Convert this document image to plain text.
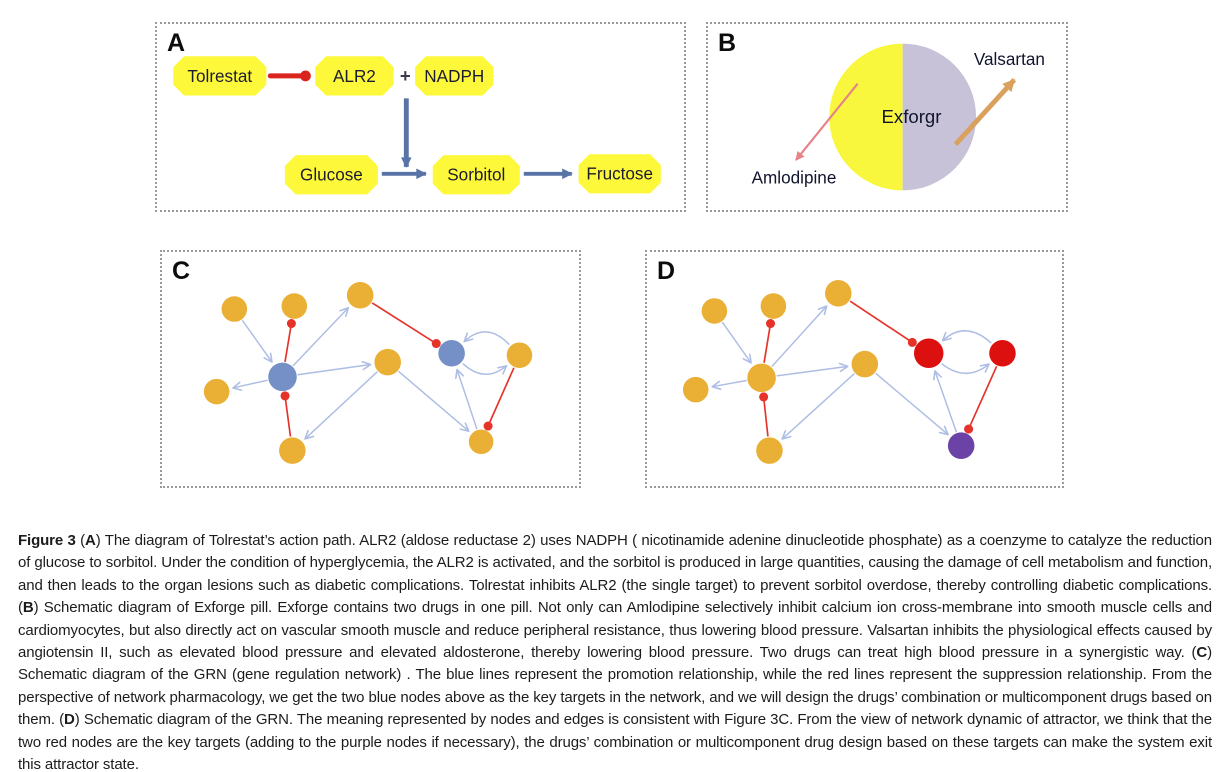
A
Tolrestat	ALR2	NADPH
Glucose	Sorbitol	Fructose
+
B
Exforgr
Amlodipine
Valsartan
C	D

Figure 3 (A) The diagram of Tolrestat’s action path. ALR2 (aldose reductase 2) uses NADPH ( nicotinamide adenine dinucleotide phosphate) as a coenzyme to catalyze the reduction of glucose to sorbitol. Under the condition of hyperglycemia, the ALR2 is activated, and the sorbitol is produced in large quantities, causing the damage of cell metabolism and function, and then leads to the organ lesions such as diabetic complications. Tolrestat inhibits ALR2 (the single target) to prevent sorbitol overdose, thereby controlling diabetic complications. (B) Schematic diagram of Exforge pill. Exforge contains two drugs in one pill. Not only can Amlodipine selectively inhibit calcium ion cross-membrane into smooth muscle cells and cardiomyocytes, but also directly act on vascular smooth muscle and reduce peripheral resistance, thus lowering blood pressure. Valsartan inhibits the physiological effects caused by angiotensin II, such as elevated blood pressure and elevated aldosterone, thereby lowering blood pressure. Two drugs can treat high blood pressure in a synergistic way. (C) Schematic diagram of the GRN (gene regulation network) . The blue lines represent the promotion relationship, while the red lines represent the suppression relationship. From the perspective of network pharmacology, we get the two blue nodes above as the key targets in the network, and we will design the drugs’ combination or multicomponent drugs based on them. (D) Schematic diagram of the GRN. The meaning represented by nodes and edges is consistent with Figure 3C. From the view of network dynamic of attractor, we think that the two red nodes are the key targets (adding to the purple nodes if necessary), the drugs’ combination or multicomponent drug design based on these targets can make the system exit this attractor state.
